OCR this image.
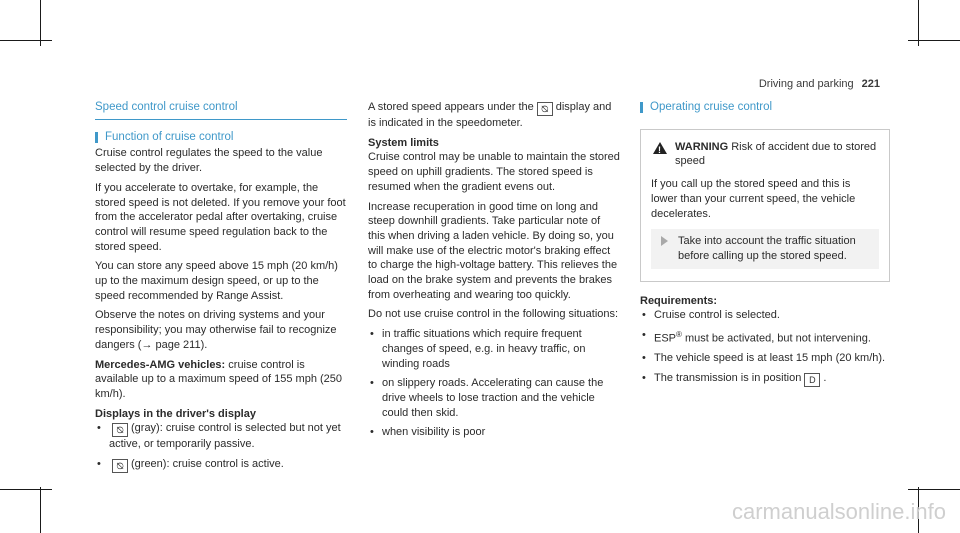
Driving and parking 221
Speed control cruise control
Function of cruise control

Cruise control regulates the speed to the value selected by the driver.

If you accelerate to overtake, for example, the stored speed is not deleted. If you remove your foot from the accelerator pedal after overtaking, cruise control will resume speed regulation back to the stored speed.

You can store any speed above 15 mph (20 km/h) up to the maximum design speed, or up to the speed recommended by Range Assist.

Observe the notes on driving systems and your responsibility; you may otherwise fail to recognize dangers (→ page 211).

Mercedes-AMG vehicles: cruise control is available up to a maximum speed of 155 mph (250 km/h).

Displays in the driver's display
• ⦰ (gray): cruise control is selected but not yet active, or temporarily passive.
• ⦰ (green): cruise control is active.

A stored speed appears under the ⦰ display and is indicated in the speedometer.

System limits

Cruise control may be unable to maintain the stored speed on uphill gradients. The stored speed is resumed when the gradient evens out.

Increase recuperation in good time on long and steep downhill gradients. Take particular note of this when driving a laden vehicle. By doing so, you will make use of the electric motor's braking effect to charge the high-voltage battery. This relieves the load on the brake system and prevents the brakes from overheating and wearing too quickly.

Do not use cruise control in the following situations:

• in traffic situations which require frequent changes of speed, e.g. in heavy traffic, on winding roads
• on slippery roads. Accelerating can cause the drive wheels to lose traction and the vehicle could then skid.
• when visibility is poor
Operating cruise control
!
WARNING Risk of accident due to stored speed
If you call up the stored speed and this is lower than your current speed, the vehicle decelerates.
Take into account the traffic situation before calling up the stored speed.
Requirements:
• Cruise control is selected.
• ESP® must be activated, but not intervening.
• The vehicle speed is at least 15 mph (20 km/h).
• The transmission is in position D .
carmanualsonline.info
